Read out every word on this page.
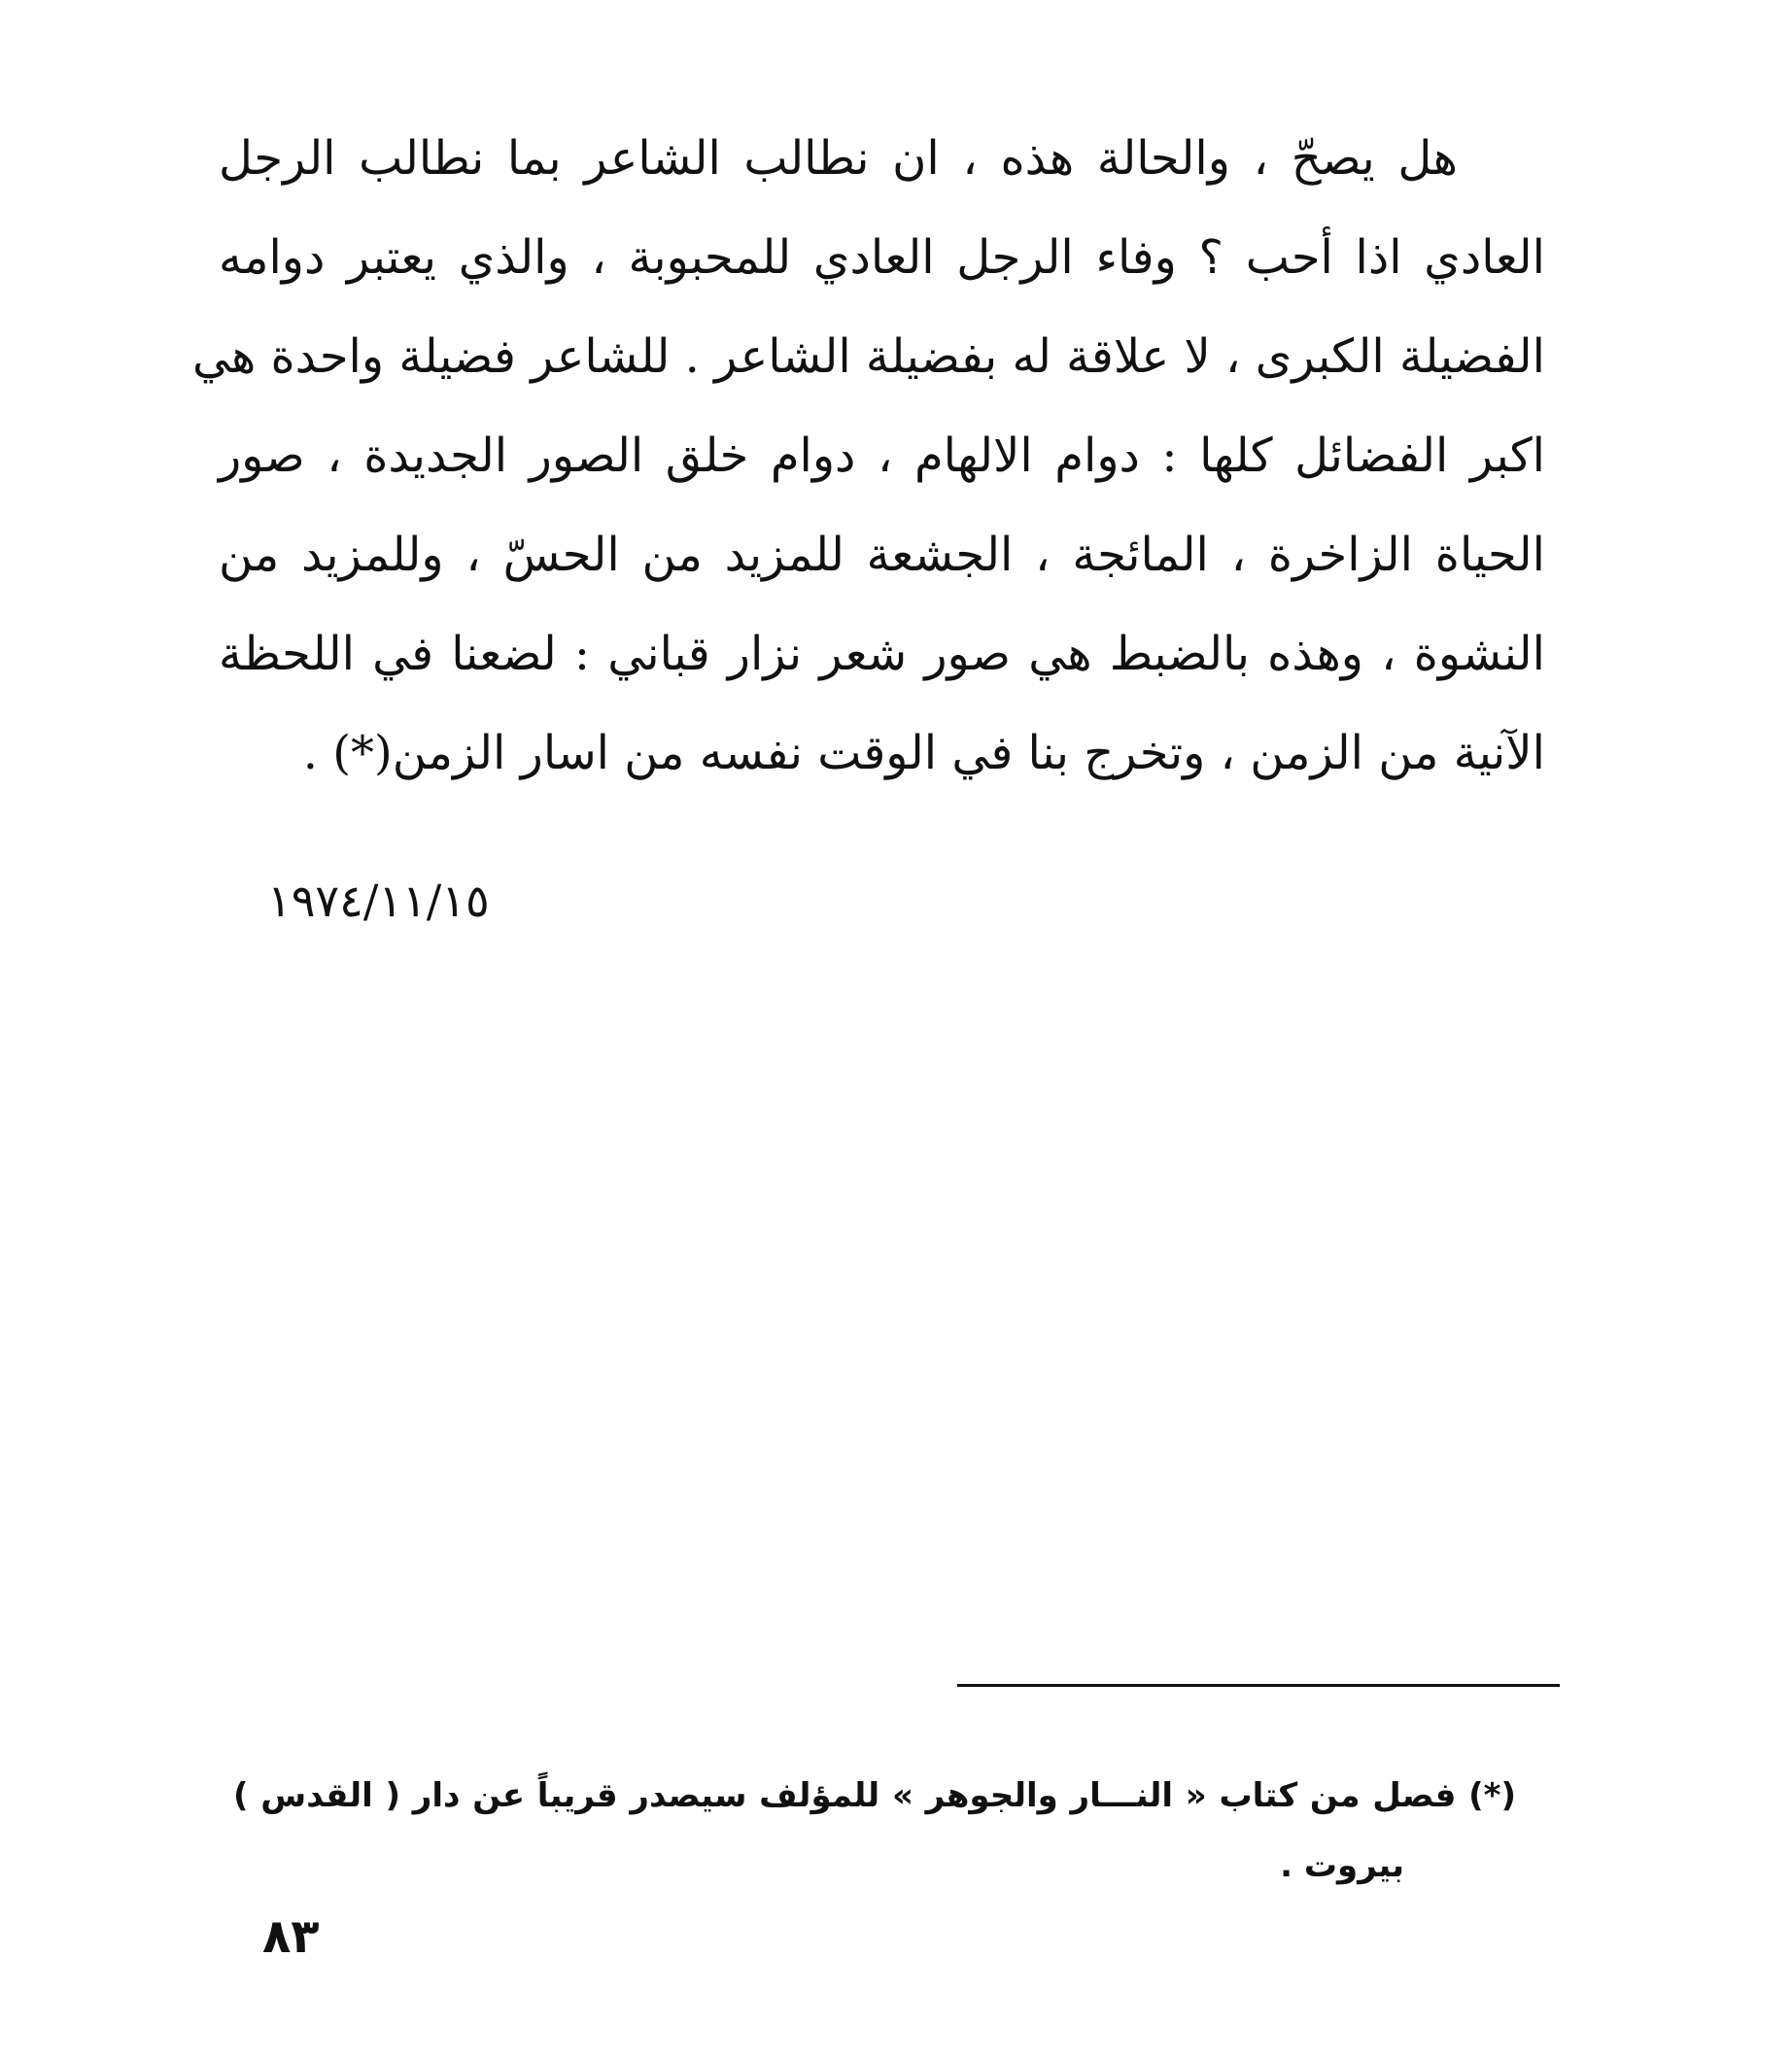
هل يصحّ ، والحالة هذه ، ان نطالب الشاعر بما نطالب الرجل
العادي اذا أحب ؟ وفاء الرجل العادي للمحبوبة ، والذي يعتبر دوامه
الفضيلة الكبرى ، لا علاقة له بفضيلة الشاعر . للشاعر فضيلة واحدة هي
اكبر الفضائل كلها : دوام الالهام ، دوام خلق الصور الجديدة ، صور
الحياة الزاخرة ، المائجة ، الجشعة للمزيد من الحسّ ، وللمزيد من
النشوة ، وهذه بالضبط هي صور شعر نزار قباني : لضعنا في اللحظة
الآنية من الزمن ، وتخرج بنا في الوقت نفسه من اسار الزمن(*) .
١٩٧٤/١١/١٥
(*) فصل من كتاب « النـــار والجوهر » للمؤلف سيصدر قريباً عن دار ( القدس )
بيروت .
٨٣
